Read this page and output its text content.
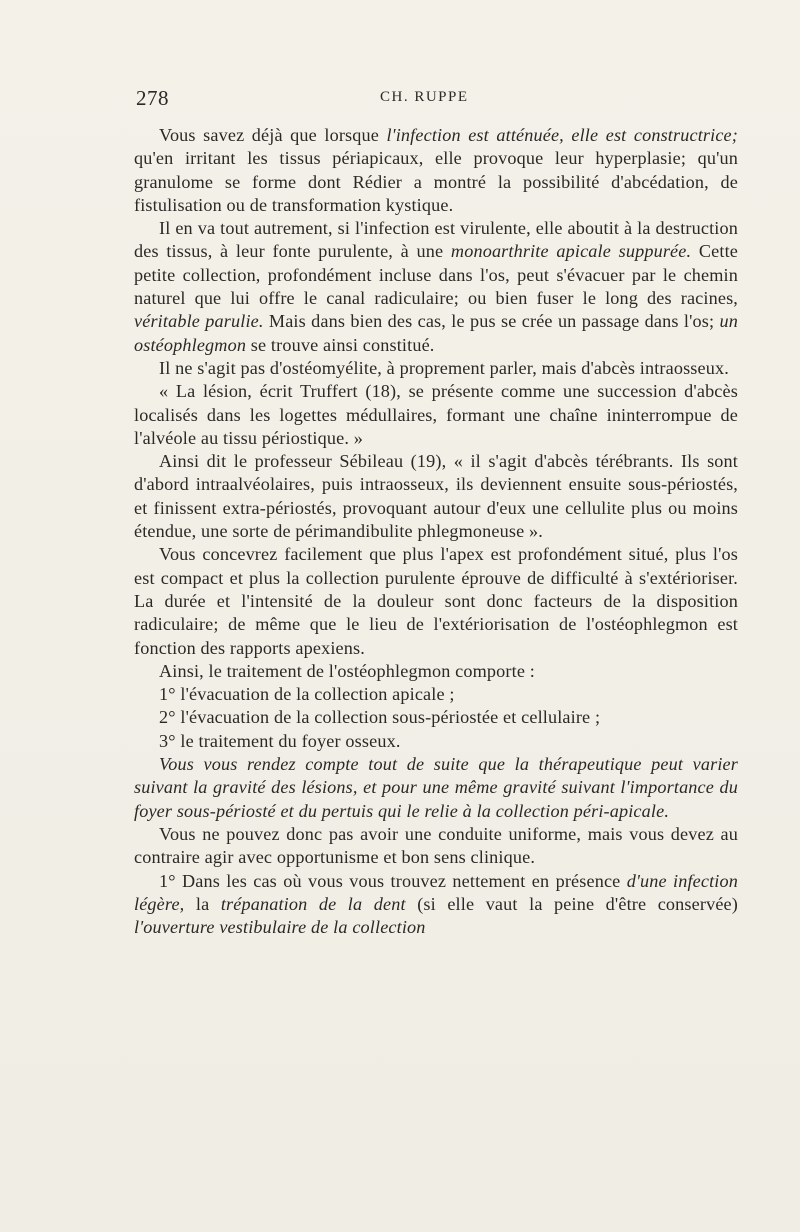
278	CH. RUPPE

Vous savez déjà que lorsque l'infection est atténuée, elle est constructrice; qu'en irritant les tissus périapicaux, elle provoque leur hyperplasie; qu'un granulome se forme dont Rédier a montré la possibilité d'abcédation, de fistulisation ou de transformation kystique.

Il en va tout autrement, si l'infection est virulente, elle aboutit à la destruction des tissus, à leur fonte purulente, à une monoarthrite apicale suppurée. Cette petite collection, profondément incluse dans l'os, peut s'évacuer par le chemin naturel que lui offre le canal radiculaire; ou bien fuser le long des racines, véritable parulie. Mais dans bien des cas, le pus se crée un passage dans l'os; un ostéophlegmon se trouve ainsi constitué.

Il ne s'agit pas d'ostéomyélite, à proprement parler, mais d'abcès intraosseux.

« La lésion, écrit Truffert (18), se présente comme une succession d'abcès localisés dans les logettes médullaires, formant une chaîne ininterrompue de l'alvéole au tissu périostique. »

Ainsi dit le professeur Sébileau (19), « il s'agit d'abcès térébrants. Ils sont d'abord intraalvéolaires, puis intraosseux, ils deviennent ensuite sous-périostés, et finissent extra-périostés, provoquant autour d'eux une cellulite plus ou moins étendue, une sorte de périmandibulite phlegmoneuse ».

Vous concevrez facilement que plus l'apex est profondément situé, plus l'os est compact et plus la collection purulente éprouve de difficulté à s'extérioriser. La durée et l'intensité de la douleur sont donc facteurs de la disposition radiculaire; de même que le lieu de l'extériorisation de l'ostéophlegmon est fonction des rapports apexiens.

Ainsi, le traitement de l'ostéophlegmon comporte :

1° l'évacuation de la collection apicale ;

2° l'évacuation de la collection sous-périostée et cellulaire ;

3° le traitement du foyer osseux.

Vous vous rendez compte tout de suite que la thérapeutique peut varier suivant la gravité des lésions, et pour une même gravité suivant l'importance du foyer sous-périosté et du pertuis qui le relie à la collection péri-apicale.

Vous ne pouvez donc pas avoir une conduite uniforme, mais vous devez au contraire agir avec opportunisme et bon sens clinique.

1° Dans les cas où vous vous trouvez nettement en présence d'une infection légère, la trépanation de la dent (si elle vaut la peine d'être conservée) l'ouverture vestibulaire de la collection
